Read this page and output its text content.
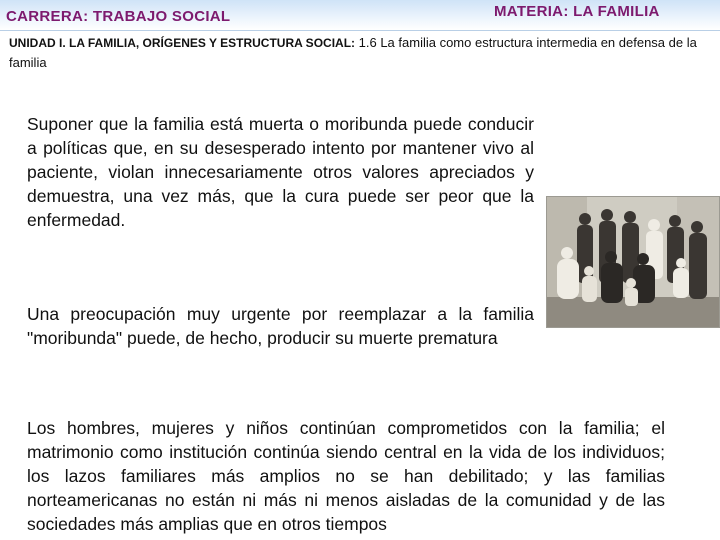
CARRERA: TRABAJO SOCIAL	MATERIA: LA FAMILIA
UNIDAD I. LA FAMILIA, ORÍGENES Y ESTRUCTURA SOCIAL: 1.6 La familia como estructura intermedia en defensa de la familia
Suponer que la familia está muerta o moribunda puede conducir a políticas que, en su desesperado intento por mantener vivo al paciente, violan innecesariamente otros valores apreciados y demuestra, una vez más, que la cura puede ser peor que la enfermedad.
Una preocupación muy urgente por reemplazar a la familia "moribunda" puede, de hecho, producir su muerte prematura
Los hombres, mujeres y niños continúan comprometidos con la familia; el matrimonio como institución continúa siendo central en la vida de los individuos; los lazos familiares más amplios no se han debilitado; y las familias norteamericanas no están ni más ni menos aisladas de la comunidad y de las sociedades más amplias que en otros tiempos
